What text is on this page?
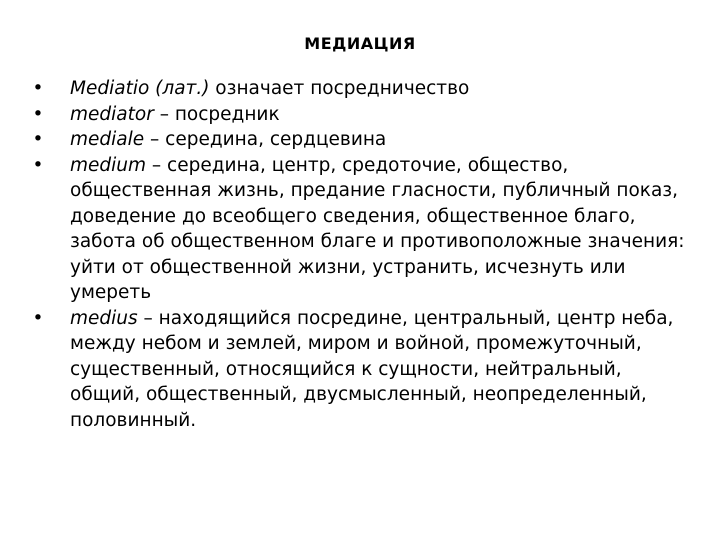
МЕДИАЦИЯ
• Mediatio (лат.) означает посредничество
• mediator – посредник
• mediale – середина, сердцевина
• medium – середина, центр, средоточие, общество, общественная жизнь, предание гласности, публичный показ, доведение до всеобщего сведения, общественное благо, забота об общественном благе и противоположные значения: уйти от общественной жизни, устранить, исчезнуть или умереть
• medius – находящийся посредине, центральный, центр неба, между небом и землей, миром и войной, промежуточный, существенный, относящийся к сущности, нейтральный, общий, общественный, двусмысленный, неопределенный, половинный.
